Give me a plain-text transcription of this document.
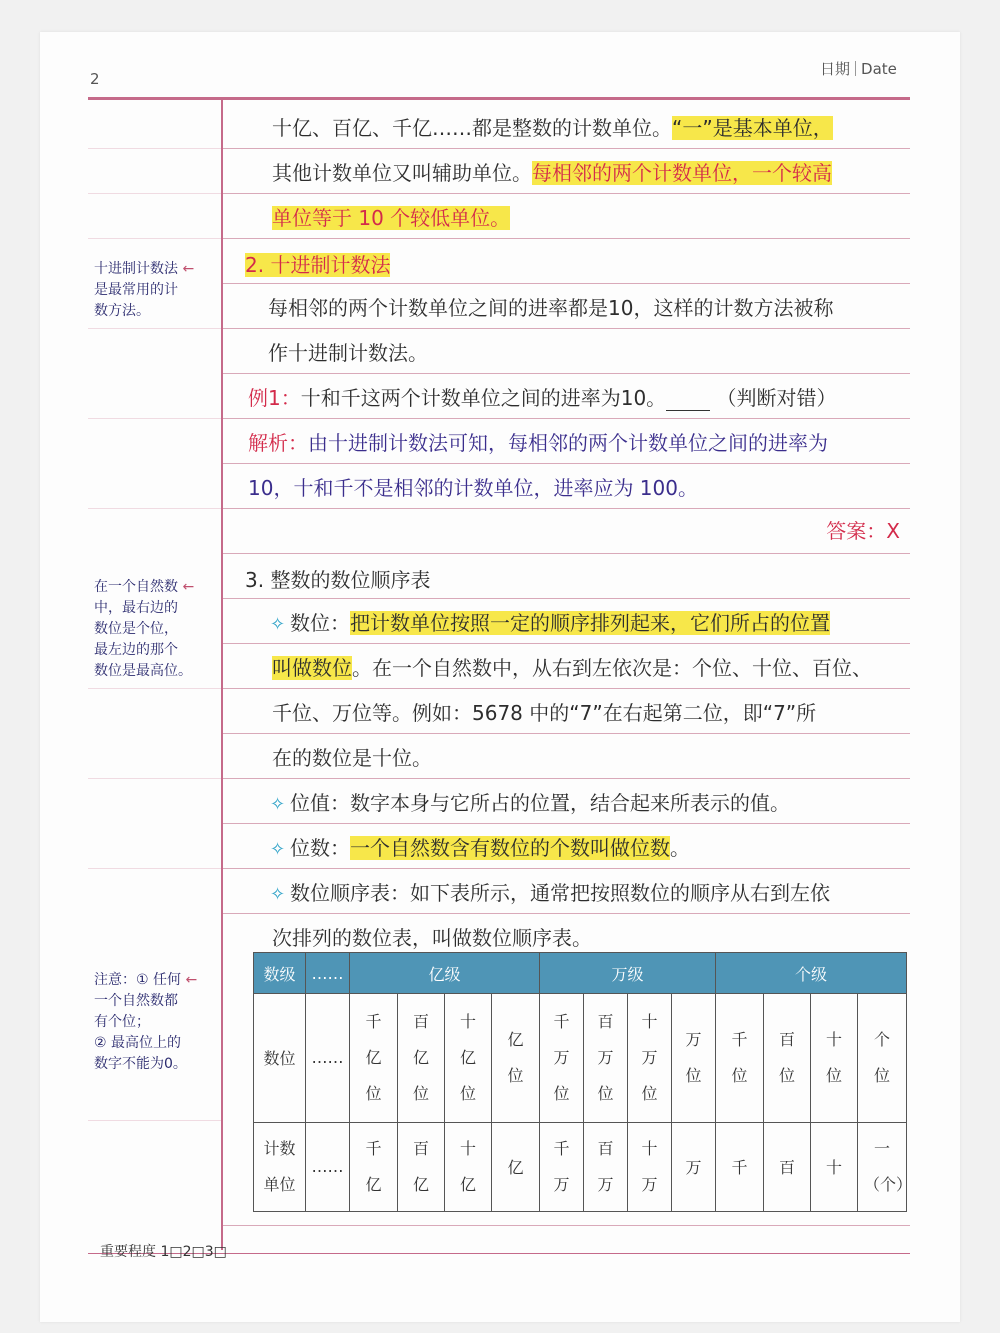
2
日期 Date
十亿、百亿、千亿……都是整数的计数单位。“一”是基本单位，
其他计数单位又叫辅助单位。每相邻的两个计数单位，一个较高
单位等于 10 个较低单位。
2. 十进制计数法
每相邻的两个计数单位之间的进率都是10，这样的计数方法被称
作十进制计数法。
例1：十和千这两个计数单位之间的进率为10。	（判断对错）
解析：由十进制计数法可知，每相邻的两个计数单位之间的进率为
10，十和千不是相邻的计数单位，进率应为 100。
答案：X
3. 整数的数位顺序表
✧ 数位：把计数单位按照一定的顺序排列起来，它们所占的位置
叫做数位。在一个自然数中，从右到左依次是：个位、十位、百位、
千位、万位等。例如：5678 中的“7”在右起第二位，即“7”所
在的数位是十位。
✧ 位值：数字本身与它所占的位置，结合起来所表示的值。
✧ 位数：一个自然数含有数位的个数叫做位数。
✧ 数位顺序表：如下表所示，通常把按照数位的顺序从右到左依
次排列的数位表，叫做数位顺序表。
十进制计数法 ←
是最常用的计
数方法。
在一个自然数 ←
中，最右边的
数位是个位，
最左边的那个
数位是最高位。
注意：① 任何 ←
一个自然数都
有个位；
② 最高位上的
数字不能为0。
数级	……	亿级				万级				个级			
数位	……	千亿位	百亿位	十亿位	亿位	千万位	百万位	十万位	万位	千位	百位	十位	个位
计数单位	……	千亿	百亿	十亿	亿	千万	百万	十万	万	千	百	十	一（个）
重要程度 1□2□3□
